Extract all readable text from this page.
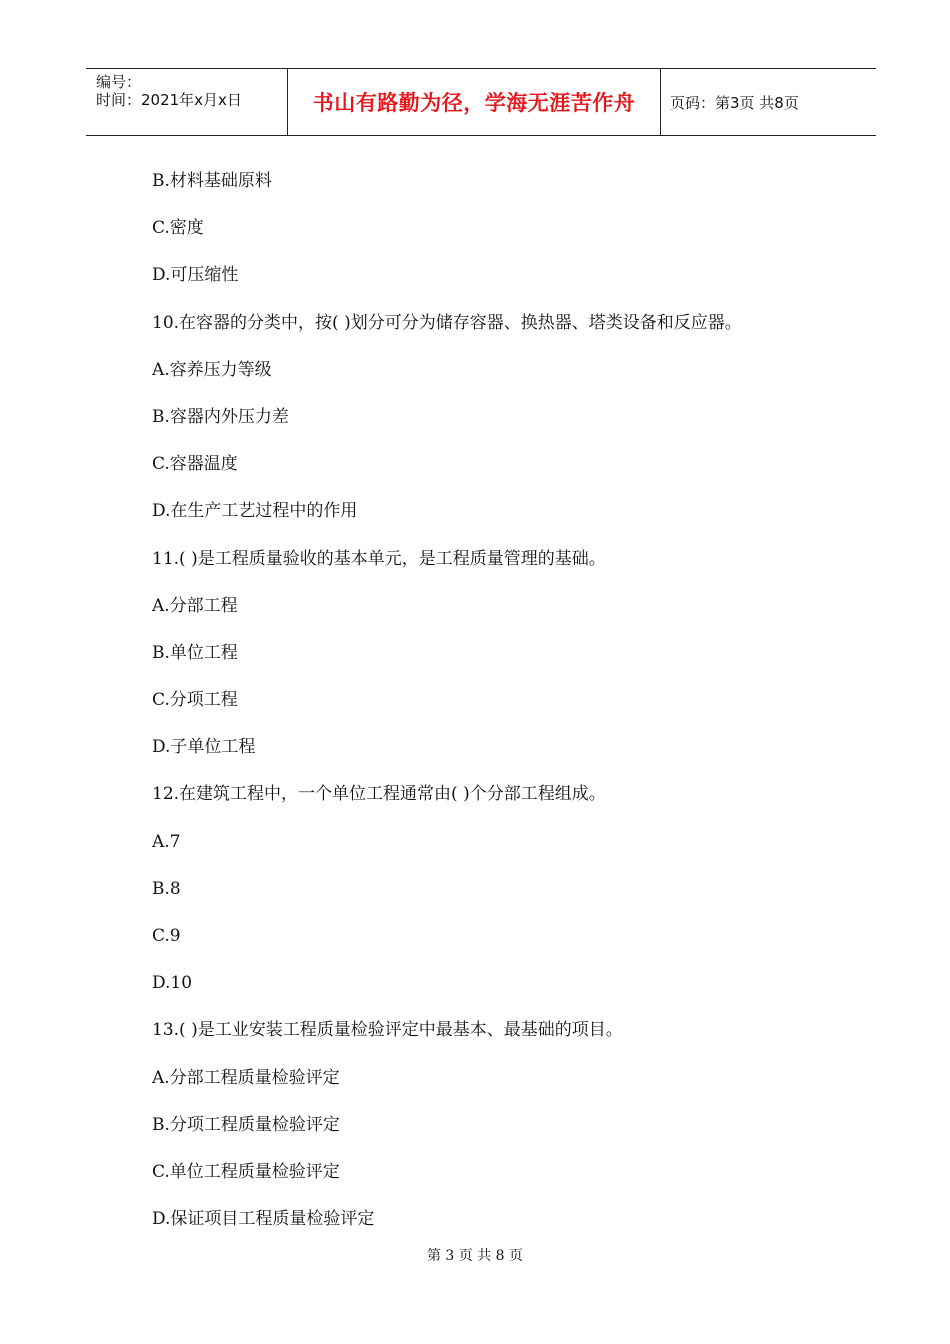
编号：
时间：2021年x月x日	书山有路勤为径，学海无涯苦作舟	页码：第3页 共8页
B.材料基础原料
C.密度
D.可压缩性
10.在容器的分类中，按( )划分可分为储存容器、换热器、塔类设备和反应器。
A.容养压力等级
B.容器内外压力差
C.容器温度
D.在生产工艺过程中的作用
11.( )是工程质量验收的基本单元，是工程质量管理的基础。
A.分部工程
B.单位工程
C.分项工程
D.子单位工程
12.在建筑工程中，一个单位工程通常由( )个分部工程组成。
A.7
B.8
C.9
D.10
13.( )是工业安装工程质量检验评定中最基本、最基础的项目。
A.分部工程质量检验评定
B.分项工程质量检验评定
C.单位工程质量检验评定
D.保证项目工程质量检验评定
第 3 页 共 8 页
